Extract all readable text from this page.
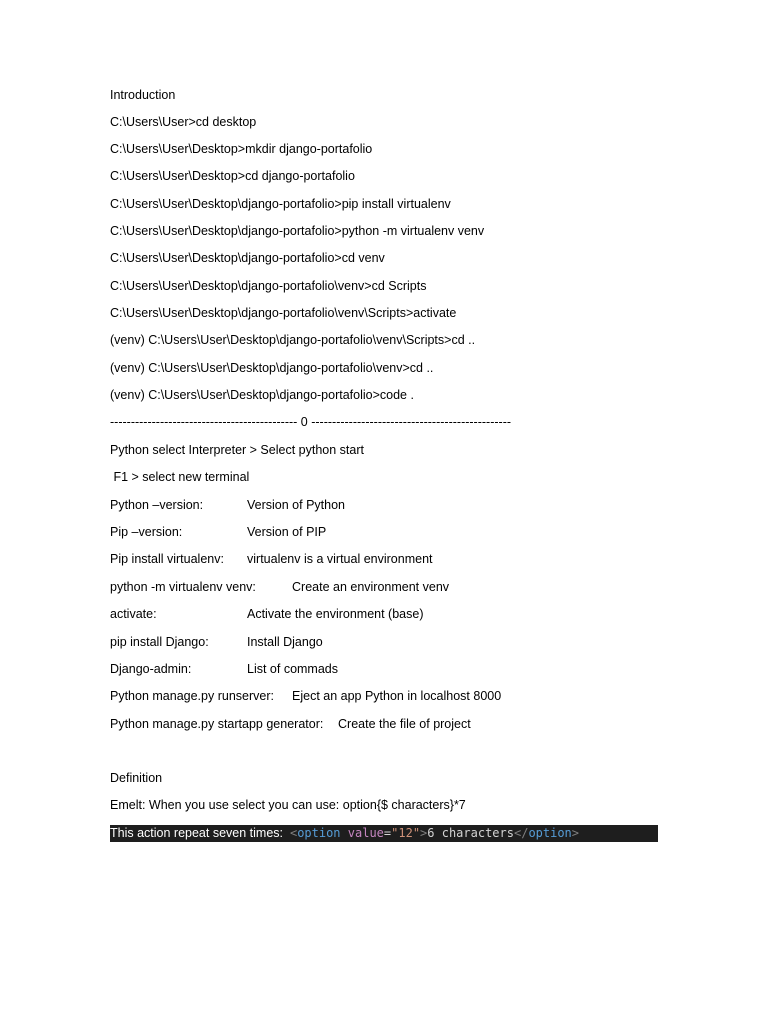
Introduction
C:\Users\User>cd desktop
C:\Users\User\Desktop>mkdir django-portafolio
C:\Users\User\Desktop>cd django-portafolio
C:\Users\User\Desktop\django-portafolio>pip install virtualenv
C:\Users\User\Desktop\django-portafolio>python -m virtualenv venv
C:\Users\User\Desktop\django-portafolio>cd venv
C:\Users\User\Desktop\django-portafolio\venv>cd Scripts
C:\Users\User\Desktop\django-portafolio\venv\Scripts>activate
(venv) C:\Users\User\Desktop\django-portafolio\venv\Scripts>cd ..
(venv) C:\Users\User\Desktop\django-portafolio\venv>cd ..
(venv) C:\Users\User\Desktop\django-portafolio>code .
--------------------------------------------- 0 ------------------------------------------------
Python select Interpreter > Select python start
F1 > select new terminal

Python –version:

	Version of Python

Pip –version:

	Version of PIP

Pip install virtualenv:

virtualenv is a virtual environment

python -m virtualenv venv:

	Create an environment venv

activate:

	Activate the environment (base)

pip install Django:

	Install Django

Django-admin:

	List of commads

Python manage.py runserver:

Eject an app Python in localhost 8000

Python manage.py startapp generator:

Create the file of project

Definition
Emelt: When you use select you can use: option{$ characters}*7
This action repeat seven times:  <option value="12">6 characters</option>
